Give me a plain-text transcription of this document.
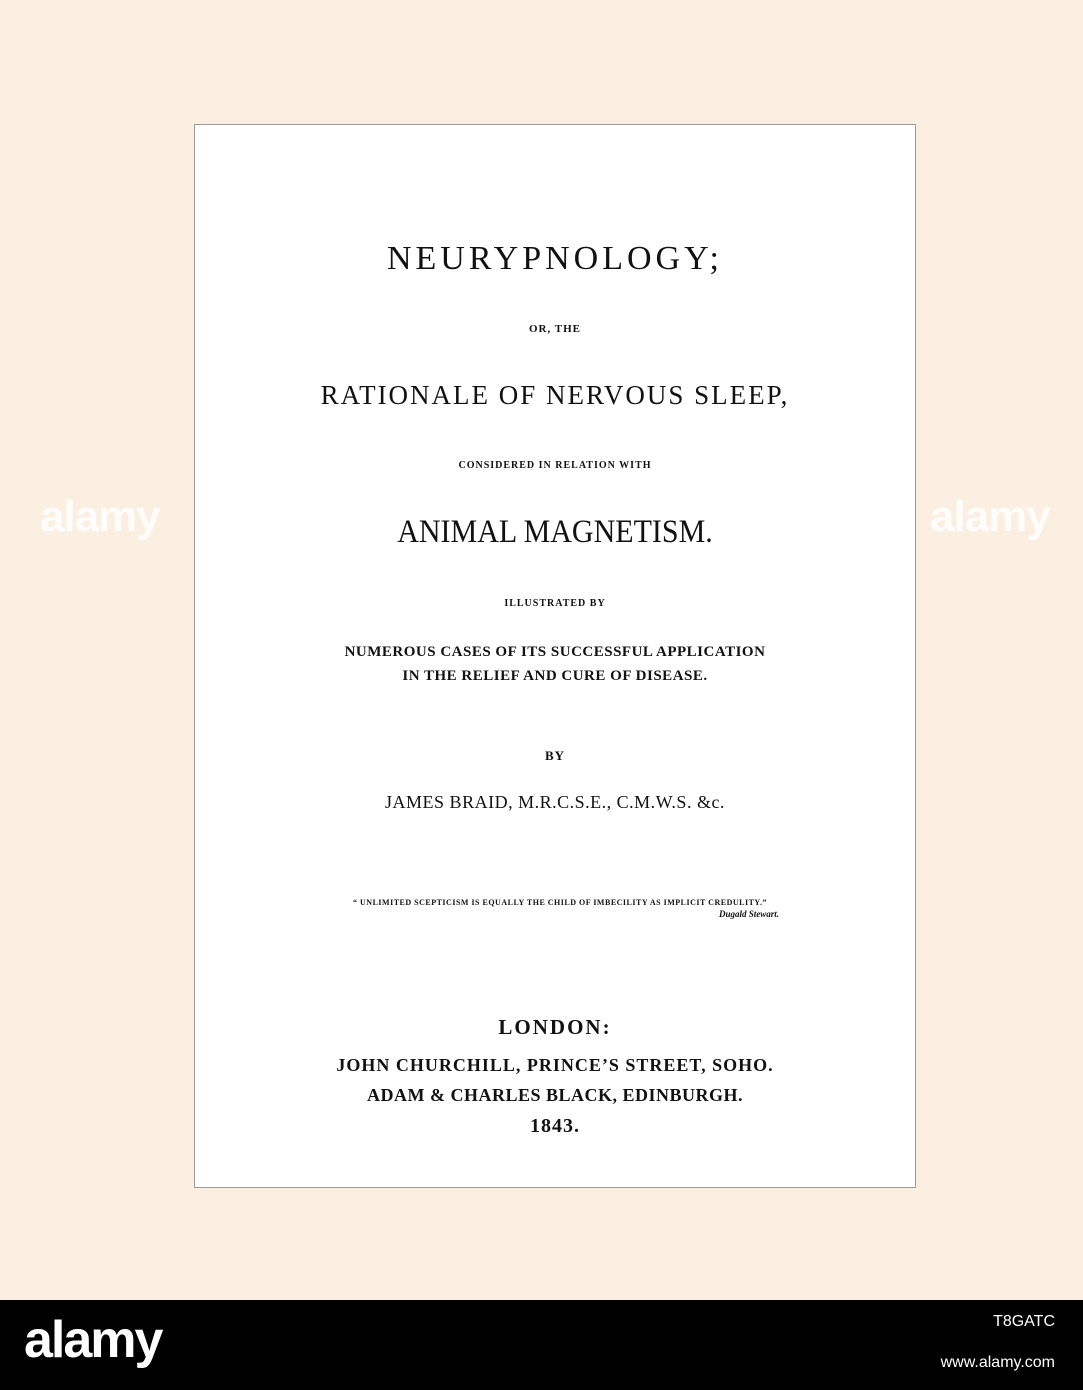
alamy	alamy
NEURYPNOLOGY;
OR, THE
RATIONALE OF NERVOUS SLEEP,
CONSIDERED IN RELATION WITH
ANIMAL MAGNETISM.
ILLUSTRATED BY
NUMEROUS CASES OF ITS SUCCESSFUL APPLICATION
IN THE RELIEF AND CURE OF DISEASE.
BY
JAMES BRAID, M.R.C.S.E., C.M.W.S. &c.
“ UNLIMITED SCEPTICISM IS EQUALLY THE CHILD OF IMBECILITY AS IMPLICIT CREDULITY.”
Dugald Stewart.
LONDON:
JOHN CHURCHILL, PRINCE’S STREET, SOHO.
ADAM & CHARLES BLACK, EDINBURGH.
1843.
alamy	T8GATC
www.alamy.com
